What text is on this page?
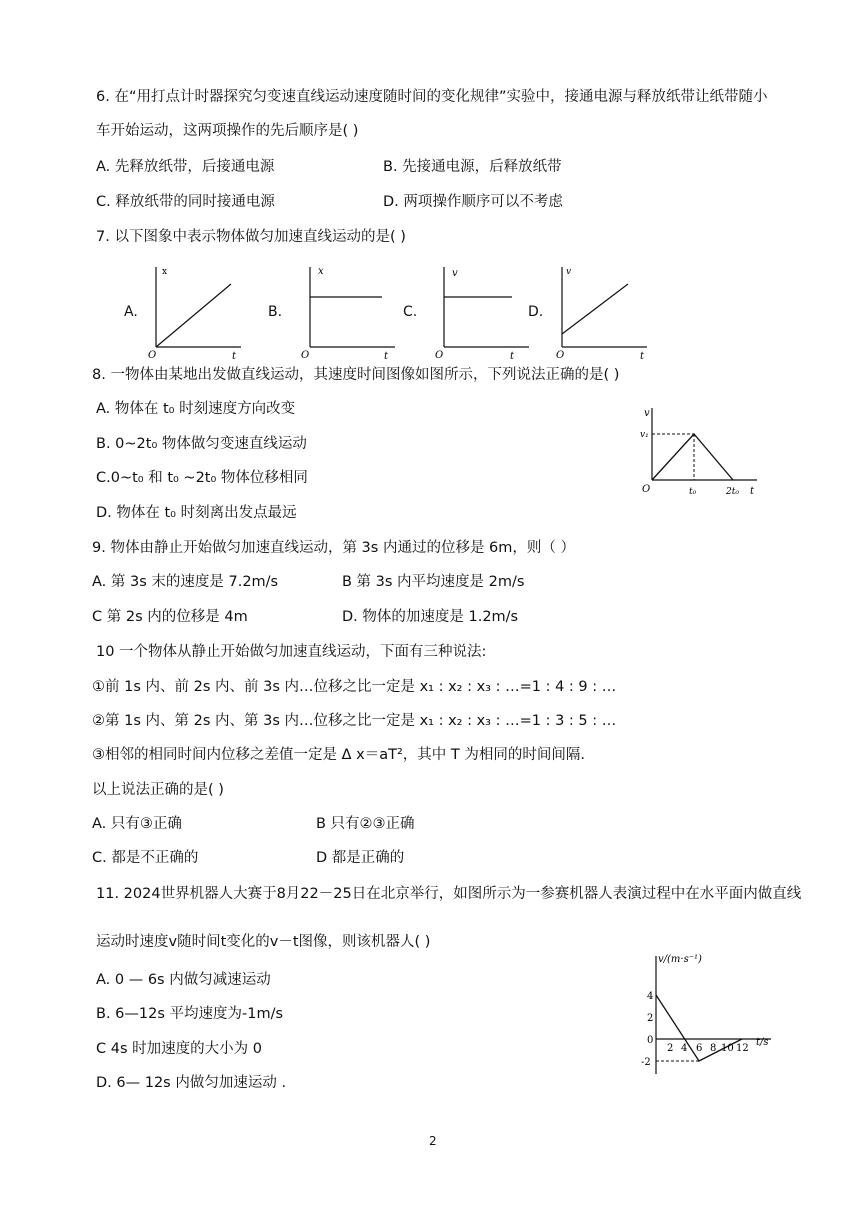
6. 在“用打点计时器探究匀变速直线运动速度随时间的变化规律”实验中，接通电源与释放纸带让纸带随小
车开始运动，这两项操作的先后顺序是( )
A. 先释放纸带，后接通电源	B. 先接通电源，后释放纸带
C. 释放纸带的同时接通电源	D. 两项操作顺序可以不考虑
7. 以下图象中表示物体做匀加速直线运动的是( )
A.
x
O	t
B.
x
O	t
C.
v
O	t
D.
v
O	t
8. 一物体由某地出发做直线运动，其速度时间图像如图所示，下列说法正确的是( )
A. 物体在 t₀ 时刻速度方向改变
B. 0~2t₀ 物体做匀变速直线运动
C.0~t₀ 和 t₀ ~2t₀ 物体位移相同
D. 物体在 t₀ 时刻离出发点最远
v
v₁
O	t₀	2t₀ t
9. 物体由静止开始做匀加速直线运动，第 3s 内通过的位移是 6m，则（ ）
A. 第 3s 末的速度是 7.2m/s	B 第 3s 内平均速度是 2m/s
C 第 2s 内的位移是 4m	D. 物体的加速度是 1.2m/s
10 一个物体从静止开始做匀加速直线运动，下面有三种说法:
①前 1s 内、前 2s 内、前 3s 内…位移之比一定是 x₁ : x₂ : x₃ : …=1 : 4 : 9 : …
②第 1s 内、第 2s 内、第 3s 内…位移之比一定是 x₁ : x₂ : x₃ : …=1 : 3 : 5 : …
③相邻的相同时间内位移之差值一定是 Δ x＝aT²，其中 T 为相同的时间间隔.
以上说法正确的是( )
A. 只有③正确	B 只有②③正确
C. 都是不正确的	D 都是正确的
11. 2024世界机器人大赛于8月22－25日在北京举行，如图所示为一参赛机器人表演过程中在水平面内做直线
运动时速度v随时间t变化的v－t图像，则该机器人( )
A. 0 — 6s 内做匀减速运动
B. 6—12s 平均速度为-1m/s
C 4s 时加速度的大小为 0
D. 6— 12s 内做匀加速运动 .
v/(m·s⁻¹)
t/s
4
2
0
-2
2 4 6 8 10 12
2
